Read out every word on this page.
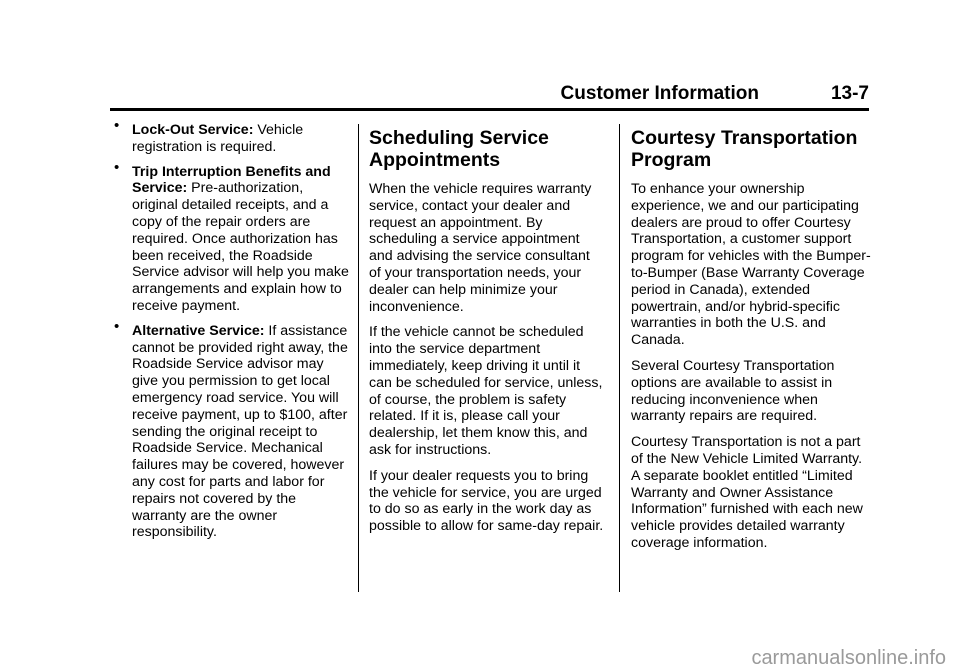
Customer Information	13-7
• Lock-Out Service: Vehicle registration is required.
• Trip Interruption Benefits and Service: Pre-authorization, original detailed receipts, and a copy of the repair orders are required. Once authorization has been received, the Roadside Service advisor will help you make arrangements and explain how to receive payment.
• Alternative Service: If assistance cannot be provided right away, the Roadside Service advisor may give you permission to get local emergency road service. You will receive payment, up to $100, after sending the original receipt to Roadside Service. Mechanical failures may be covered, however any cost for parts and labor for repairs not covered by the warranty are the owner responsibility.
Scheduling Service Appointments

When the vehicle requires warranty service, contact your dealer and request an appointment. By scheduling a service appointment and advising the service consultant of your transportation needs, your dealer can help minimize your inconvenience.

If the vehicle cannot be scheduled into the service department immediately, keep driving it until it can be scheduled for service, unless, of course, the problem is safety related. If it is, please call your dealership, let them know this, and ask for instructions.

If your dealer requests you to bring the vehicle for service, you are urged to do so as early in the work day as possible to allow for same-day repair.

Courtesy Transportation Program

To enhance your ownership experience, we and our participating dealers are proud to offer Courtesy Transportation, a customer support program for vehicles with the Bumper-to-Bumper (Base Warranty Coverage period in Canada), extended powertrain, and/or hybrid-specific warranties in both the U.S. and Canada.

Several Courtesy Transportation options are available to assist in reducing inconvenience when warranty repairs are required.

Courtesy Transportation is not a part of the New Vehicle Limited Warranty. A separate booklet entitled “Limited Warranty and Owner Assistance Information” furnished with each new vehicle provides detailed warranty coverage information.

carmanualsonline.info
